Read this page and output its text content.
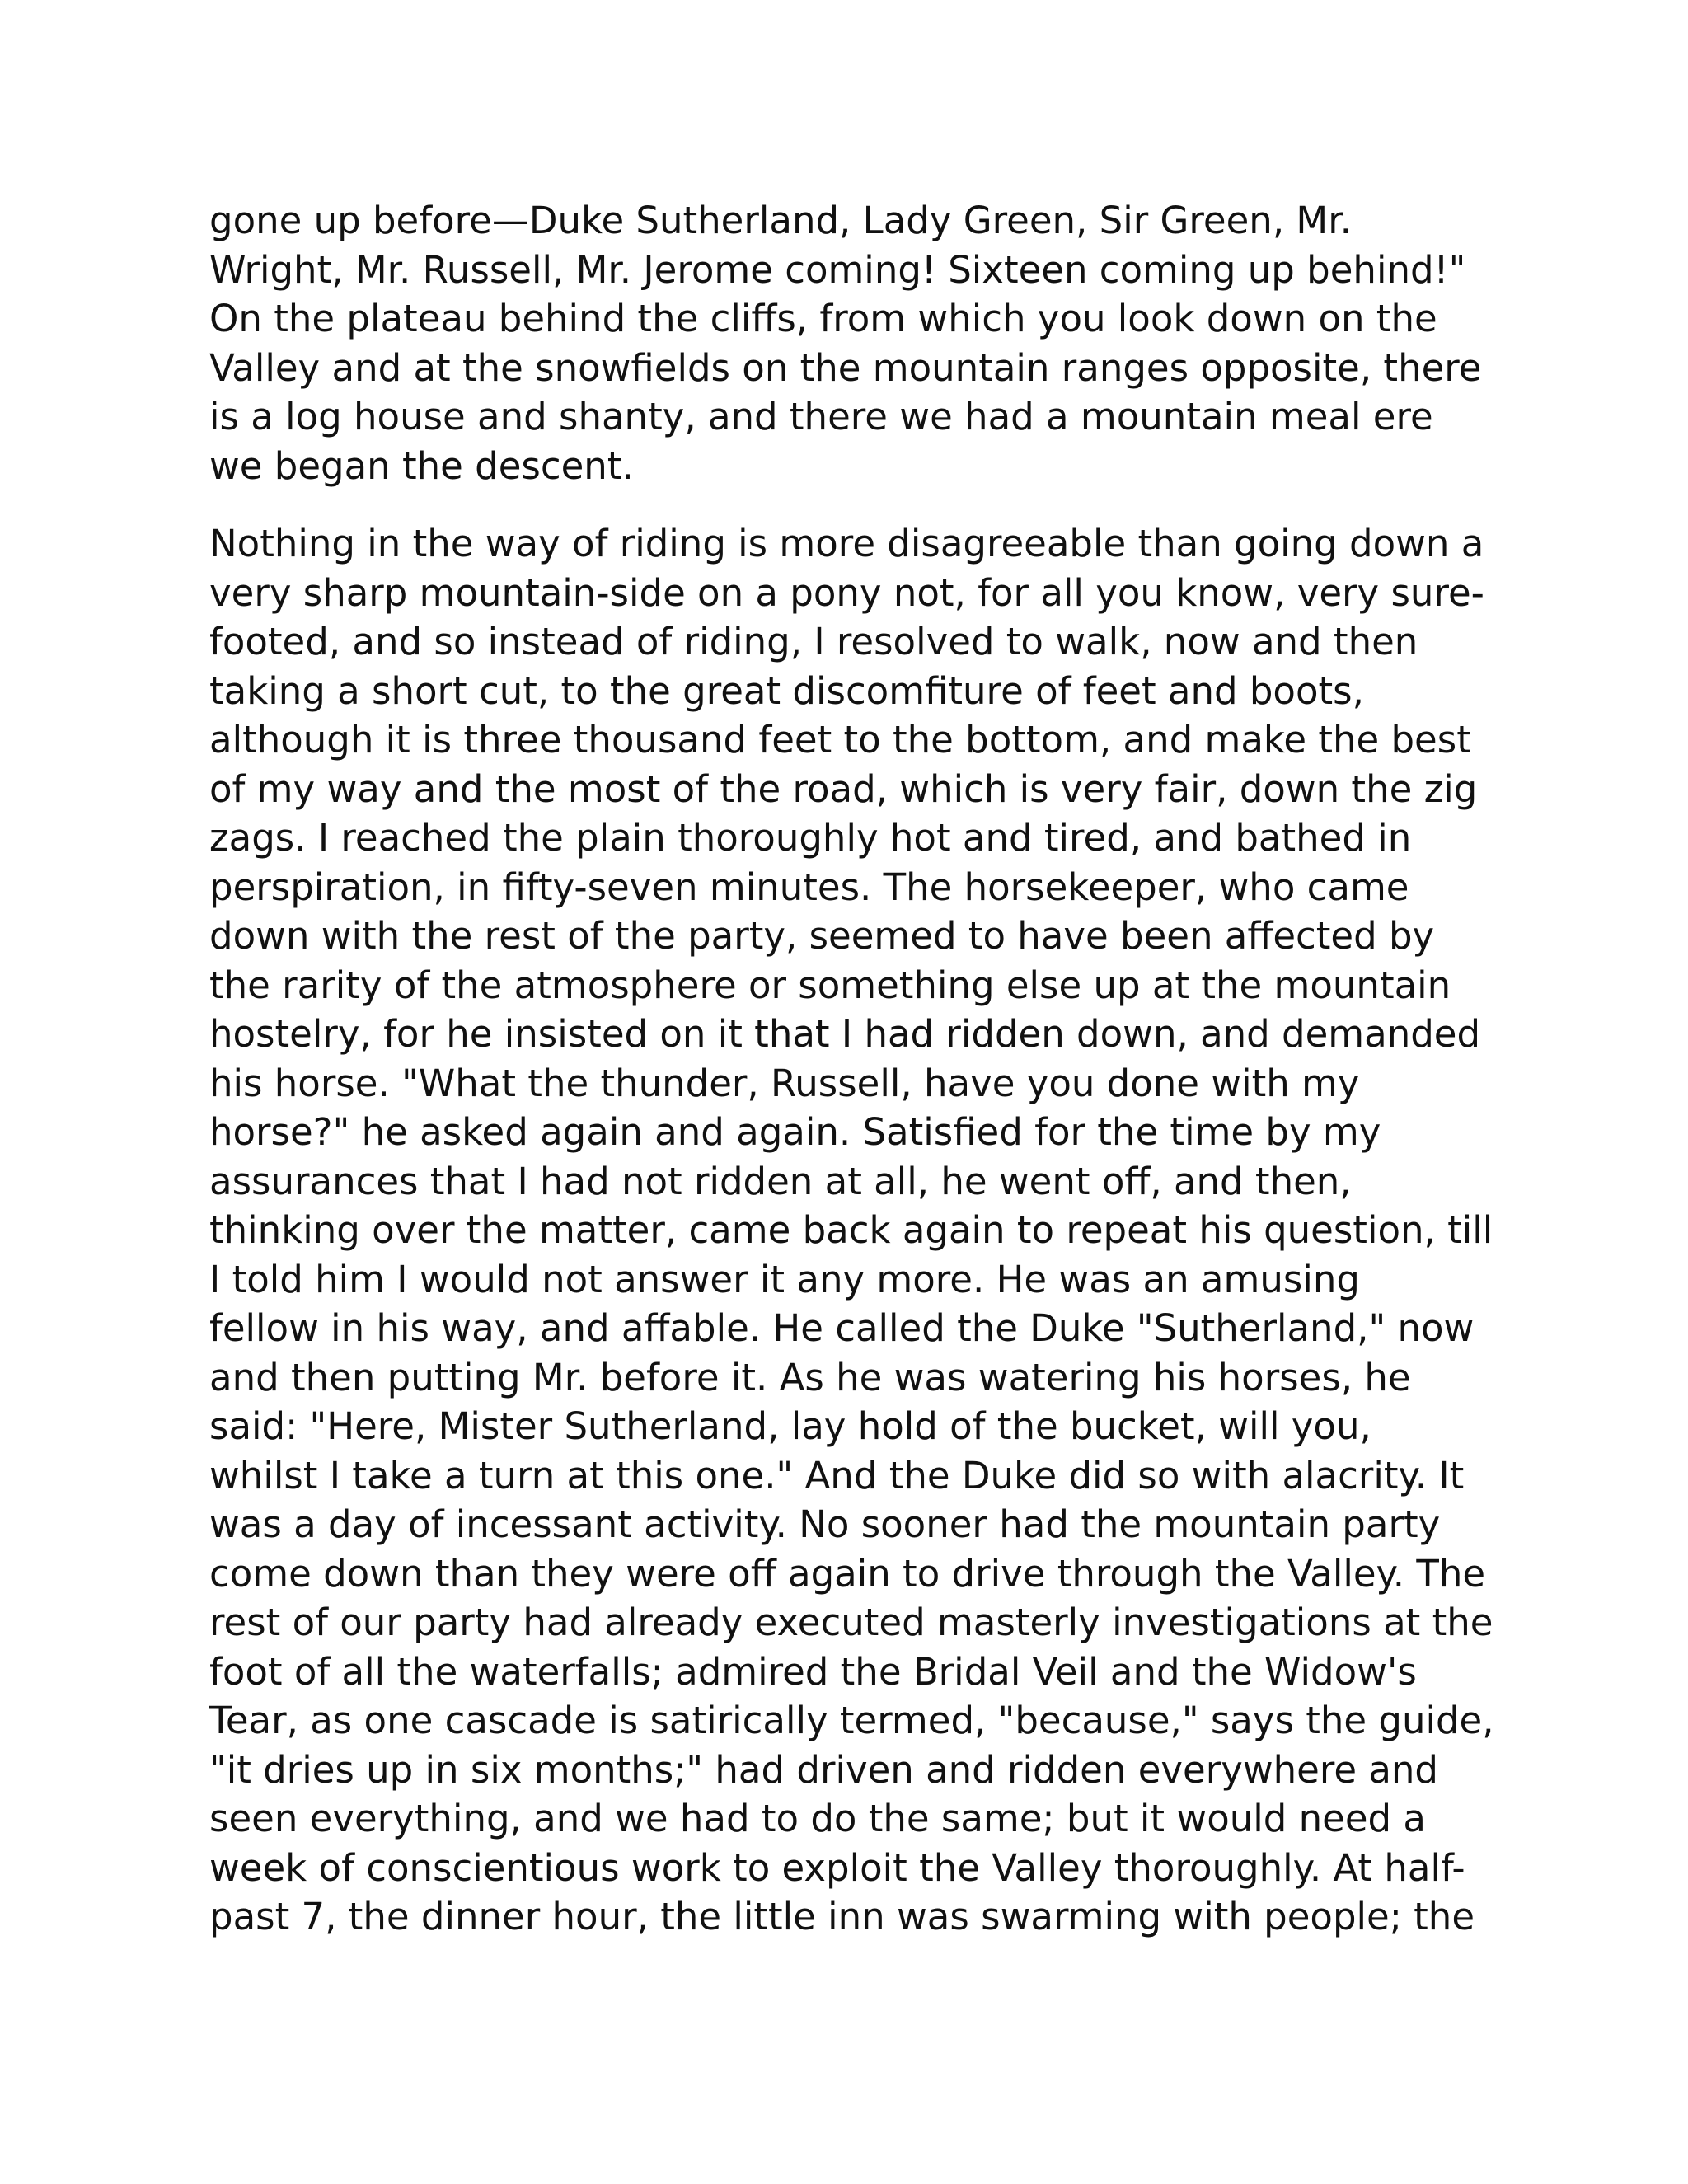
gone up before—Duke Sutherland, Lady Green, Sir Green, Mr.
Wright, Mr. Russell, Mr. Jerome coming! Sixteen coming up behind!"
On the plateau behind the cliffs, from which you look down on the
Valley and at the snowfields on the mountain ranges opposite, there
is a log house and shanty, and there we had a mountain meal ere
we began the descent.

Nothing in the way of riding is more disagreeable than going down a
very sharp mountain-side on a pony not, for all you know, very sure-
footed, and so instead of riding, I resolved to walk, now and then
taking a short cut, to the great discomfiture of feet and boots,
although it is three thousand feet to the bottom, and make the best
of my way and the most of the road, which is very fair, down the zig
zags. I reached the plain thoroughly hot and tired, and bathed in
perspiration, in fifty-seven minutes. The horsekeeper, who came
down with the rest of the party, seemed to have been affected by
the rarity of the atmosphere or something else up at the mountain
hostelry, for he insisted on it that I had ridden down, and demanded
his horse. "What the thunder, Russell, have you done with my
horse?" he asked again and again. Satisfied for the time by my
assurances that I had not ridden at all, he went off, and then,
thinking over the matter, came back again to repeat his question, till
I told him I would not answer it any more. He was an amusing
fellow in his way, and affable. He called the Duke "Sutherland," now
and then putting Mr. before it. As he was watering his horses, he
said: "Here, Mister Sutherland, lay hold of the bucket, will you,
whilst I take a turn at this one." And the Duke did so with alacrity. It
was a day of incessant activity. No sooner had the mountain party
come down than they were off again to drive through the Valley. The
rest of our party had already executed masterly investigations at the
foot of all the waterfalls; admired the Bridal Veil and the Widow's
Tear, as one cascade is satirically termed, "because," says the guide,
"it dries up in six months;" had driven and ridden everywhere and
seen everything, and we had to do the same; but it would need a
week of conscientious work to exploit the Valley thoroughly. At half-
past 7, the dinner hour, the little inn was swarming with people; the
